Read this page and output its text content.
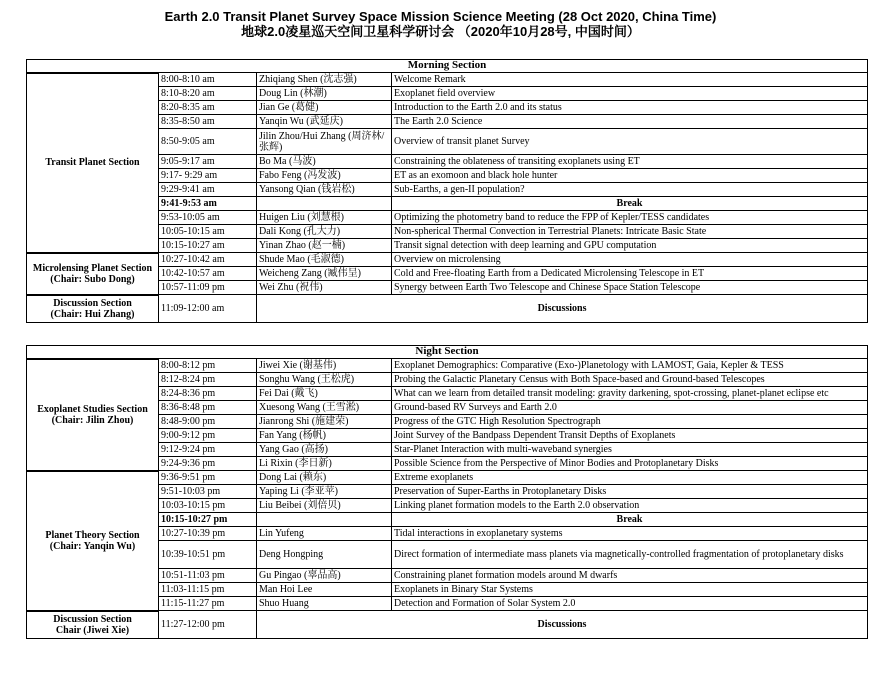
Earth 2.0 Transit Planet Survey Space Mission Science Meeting (28 Oct 2020, China Time)
地球2.0凌星巡天空间卫星科学研讨会 （2020年10月28号, 中国时间）
Morning Section			

Transit Planet Section	8:00-8:10 am	Zhiqiang Shen (沈志强)	Welcome Remark
	8:10-8:20 am	Doug Lin (林潮)	Exoplanet field overview
	8:20-8:35 am	Jian Ge (葛健)	Introduction to the Earth 2.0 and its status
	8:35-8:50 am	Yanqin Wu (武延庆)	The Earth 2.0 Science
	8:50-9:05 am	Jilin Zhou/Hui Zhang (周济林/张辉)	Overview of transit planet Survey
	9:05-9:17 am	Bo Ma (马波)	Constraining the oblateness of transiting exoplanets using ET
	9:17- 9:29 am	Fabo Feng (冯发波)	ET as an exomoon and black hole hunter
	9:29-9:41 am	Yansong Qian (钱岩松)	Sub-Earths, a gen-II population?
	9:41-9:53 am		Break
	9:53-10:05 am	Huigen Liu (刘慧根)	Optimizing the photometry band to reduce the FPP of Kepler/TESS candidates
	10:05-10:15 am	Dali Kong (孔大力)	Non-spherical Thermal Convection in Terrestrial Planets: Intricate Basic State
	10:15-10:27 am	Yinan Zhao (赵一楠)	Transit signal detection with deep learning and GPU computation

Microlensing Planet Section
(Chair: Subo Dong)	10:27-10:42 am	Shude Mao (毛淑德)	Overview on microlensing
	10:42-10:57 am	Weicheng Zang (臧伟呈)	Cold and Free-floating Earth from a Dedicated Microlensing Telescope in ET
	10:57-11:09 pm	Wei Zhu (祝伟)	Synergy between Earth Two Telescope and Chinese Space Station Telescope

Discussion Section
(Chair: Hui Zhang)	11:09-12:00 am	Discussions	
Night Section			

Exoplanet Studies Section
(Chair: Jilin Zhou)	8:00-8:12 pm	Jiwei Xie (谢基伟)	Exoplanet Demographics: Comparative (Exo-)Planetology with LAMOST, Gaia, Kepler & TESS
	8:12-8:24 pm	Songhu Wang (王松虎)	Probing the Galactic Planetary Census with Both Space-based and Ground-based Telescopes
	8:24-8:36 pm	Fei Dai (戴飞)	What can we learn from detailed transit modeling: gravity darkening, spot-crossing, planet-planet eclipse etc
	8:36-8:48 pm	Xuesong Wang (王雪淞)	Ground-based RV Surveys and Earth 2.0
	8:48-9:00 pm	Jianrong Shi (施建荣)	Progress of the GTC High Resolution Spectrograph
	9:00-9:12 pm	Fan Yang (杨帆)	Joint Survey of the Bandpass Dependent Transit Depths of Exoplanets
	9:12-9:24 pm	Yang Gao (高扬)	Star-Planet Interaction with multi-waveband synergies
	9:24-9:36 pm	Li Rixin (李日新)	Possible Science from the Perspective of Minor Bodies and Protoplanetary Disks

Planet Theory Section
(Chair: Yanqin Wu)	9:36-9:51 pm	Dong Lai (赖东)	Extreme exoplanets
	9:51-10:03 pm	Yaping Li (李亚苹)	Preservation of Super-Earths in Protoplanetary Disks
	10:03-10:15 pm	Liu Beibei (刘倍贝)	Linking planet formation models to the Earth 2.0 observation
	10:15-10:27 pm		Break
	10:27-10:39 pm	Lin Yufeng	Tidal interactions in exoplanetary systems
	10:39-10:51 pm	Deng Hongping	Direct formation of intermediate mass planets via magnetically-controlled fragmentation of protoplanetary disks
	10:51-11:03 pm	Gu Pingao (辜品高)	Constraining planet formation models around M dwarfs
	11:03-11:15 pm	Man Hoi Lee	Exoplanets in Binary Star Systems
	11:15-11:27 pm	Shuo Huang	Detection and Formation of Solar System 2.0

Discussion Section
Chair (Jiwei Xie)	11:27-12:00 pm	Discussions	
